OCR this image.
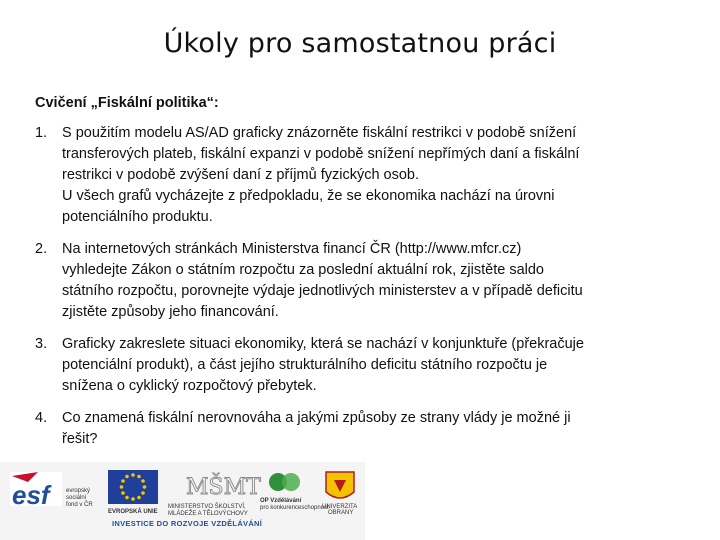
Úkoly pro samostatnou práci
Cvičení „Fiskální politika“:
1. S použitím modelu AS/AD graficky znázorněte fiskální restrikci v podobě snížení
transferových plateb, fiskální expanzi v podobě snížení nepřímých daní a fiskální
restrikci v podobě zvýšení daní z příjmů fyzických osob.
U všech grafů vycházejte z předpokladu, že se ekonomika nachází na úrovni
potenciálního produktu.
2. Na internetových stránkách Ministerstva financí ČR (http://www.mfcr.cz)
vyhledejte Zákon o státním rozpočtu za poslední aktuální rok, zjistěte saldo
státního rozpočtu, porovnejte výdaje jednotlivých ministerstev a v případě deficitu
zjistěte způsoby jeho financování.
3. Graficky zakreslete situaci ekonomiky, která se nachází v konjunktuře (překračuje
potenciální produkt), a část jejího strukturálního deficitu státního rozpočtu je
snížena o cyklický rozpočtový přebytek.
4. Co znamená fiskální nerovnováha a jakými způsoby ze strany vlády je možné ji
řešit?
esf	evropský
sociální
fond v ČR
EVROPSKÁ UNIE
MŠMT
MINISTERSTVO ŠKOLSTVÍ,
MLÁDEŽE A TĚLOVÝCHOVY
OP Vzdělávání
pro konkurenceschopnost
UNIVERZITA
OBRANY
INVESTICE DO ROZVOJE VZDĚLÁVÁNÍ
